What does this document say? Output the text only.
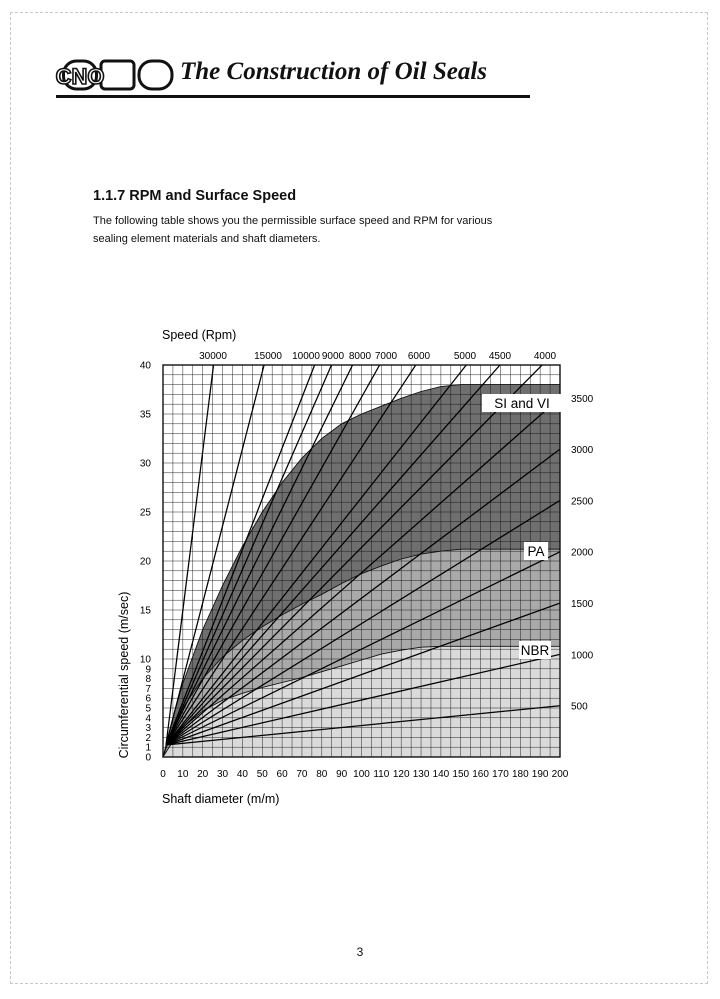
CNO	The Construction of Oil Seals
1.1.7 RPM and Surface Speed
The following table shows you the permissible surface speed and RPM for various sealing element materials and shaft diameters.
3500
3000
2500
2000
1500
1000
500
30000	15000 10000 9000 8000 7000 6000 5000 4500 4000
0 10 20 30 40 50 60 70 80 90 100 110 120 130 140 150 160 170 180 190 200
0
1
2
3
4
5
6
7
8
9
10
15
20
25
30
35
40
SI and VI
PA
NBR
Speed (Rpm)
Shaft diameter (m/m)
Circumferential speed (m/sec)
3
